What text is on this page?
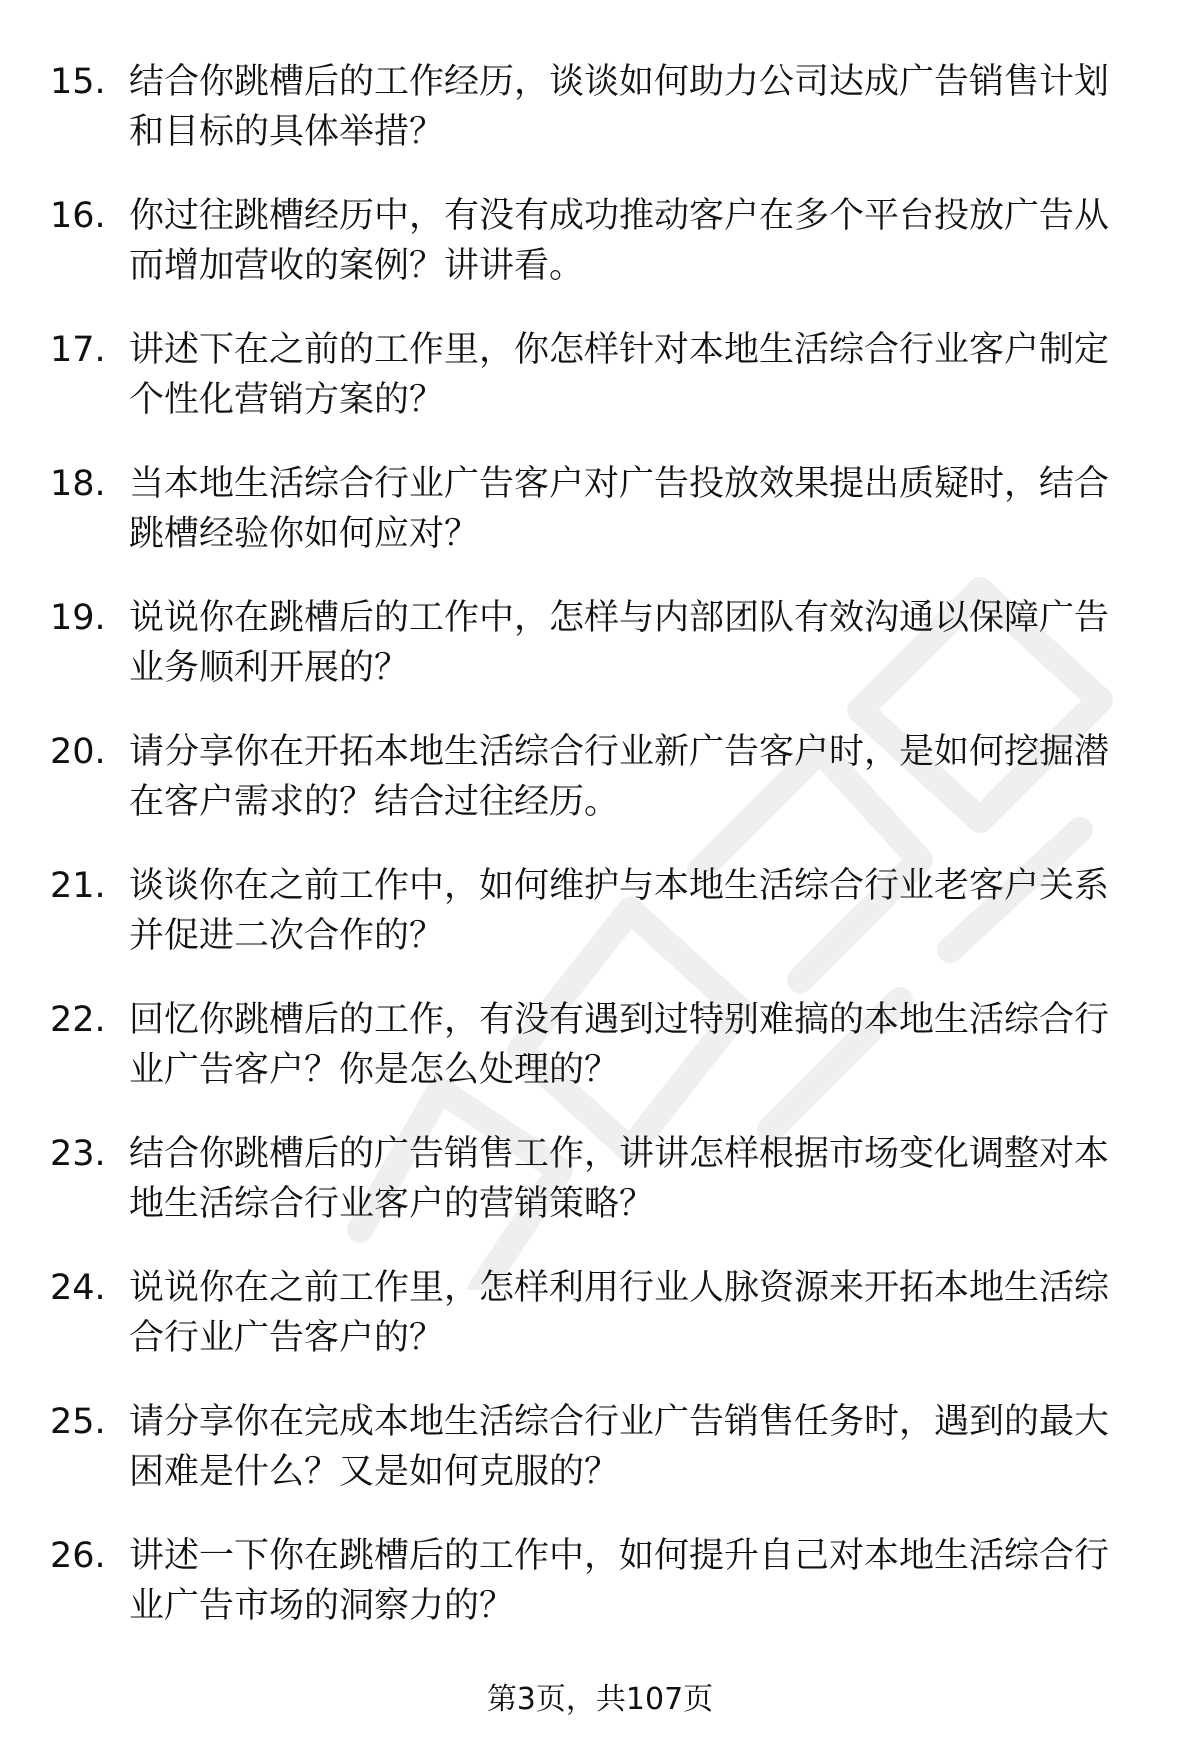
15. 结合你跳槽后的工作经历，谈谈如何助力公司达成广告销售计划
和目标的具体举措？
16. 你过往跳槽经历中，有没有成功推动客户在多个平台投放广告从
而增加营收的案例？讲讲看。
17. 讲述下在之前的工作里，你怎样针对本地生活综合行业客户制定
个性化营销方案的？
18. 当本地生活综合行业广告客户对广告投放效果提出质疑时，结合
跳槽经验你如何应对？
19. 说说你在跳槽后的工作中，怎样与内部团队有效沟通以保障广告
业务顺利开展的？
20. 请分享你在开拓本地生活综合行业新广告客户时，是如何挖掘潜
在客户需求的？结合过往经历。
21. 谈谈你在之前工作中，如何维护与本地生活综合行业老客户关系
并促进二次合作的？
22. 回忆你跳槽后的工作，有没有遇到过特别难搞的本地生活综合行
业广告客户？你是怎么处理的？
23. 结合你跳槽后的广告销售工作，讲讲怎样根据市场变化调整对本
地生活综合行业客户的营销策略？
24. 说说你在之前工作里，怎样利用行业人脉资源来开拓本地生活综
合行业广告客户的？
25. 请分享你在完成本地生活综合行业广告销售任务时，遇到的最大
困难是什么？又是如何克服的？
26. 讲述一下你在跳槽后的工作中，如何提升自己对本地生活综合行
业广告市场的洞察力的？
第3页，共107页
